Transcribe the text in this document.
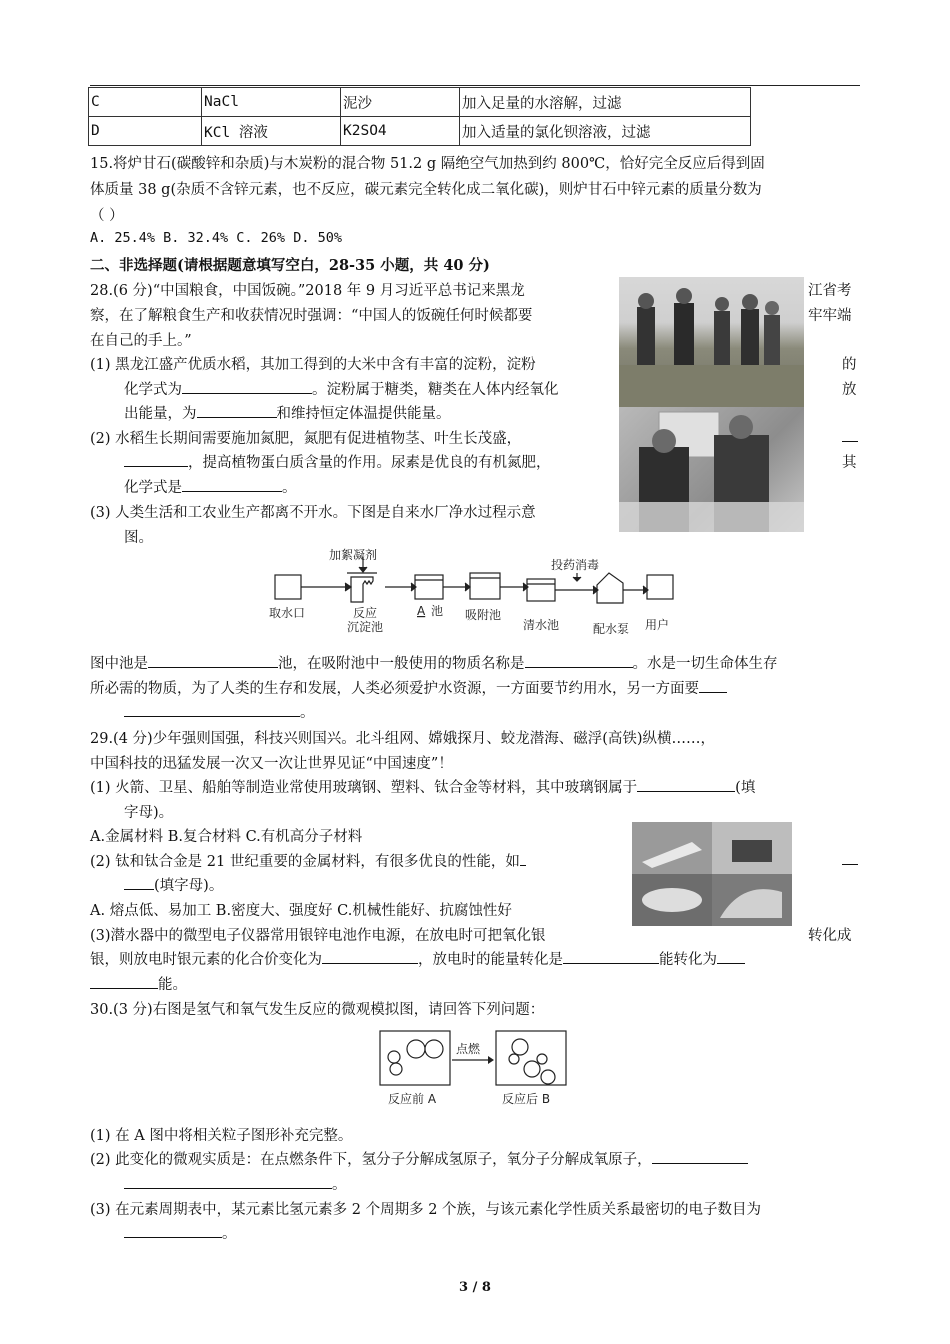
C	NaCl	泥沙	加入足量的水溶解，过滤
D	KCl 溶液	K2SO4	加入适量的氯化钡溶液，过滤
15.将炉甘石(碳酸锌和杂质)与木炭粉的混合物 51.2 g 隔绝空气加热到约 800℃，恰好完全反应后得到固
体质量 38 g(杂质不含锌元素，也不反应，碳元素完全转化成二氧化碳)，则炉甘石中锌元素的质量分数为
（ ）
A. 25.4% B. 32.4% C. 26% D. 50%
二、非选择题(请根据题意填写空白，28-35 小题，共 40 分)
28.(6 分)“中国粮食，中国饭碗。”2018 年 9 月习近平总书记来黑龙	江省考
察，在了解粮食生产和收获情况时强调：“中国人的饭碗任何时候都要	牢牢端
在自己的手上。”
(1) 黑龙江盛产优质水稻，其加工得到的大米中含有丰富的淀粉，淀粉	的
化学式为	。淀粉属于糖类，糖类在人体内经氧化	放
出能量，为	和维持恒定体温提供能量。
(2) 水稻生长期间需要施加氮肥，氮肥有促进植物茎、叶生长茂盛，
，提高植物蛋白质含量的作用。尿素是优良的有机氮肥，	其
化学式是	。
(3) 人类生活和工农业生产都离不开水。下图是自来水厂净水过程示意
图。
加絮凝剂
投药消毒
取水口	反应
沉淀池
A 池 吸附池
清水池	配水泵 用户
图中池是	池，在吸附池中一般使用的物质名称是	。水是一切生命体生存
所必需的物质，为了人类的生存和发展，人类必须爱护水资源，一方面要节约用水，另一方面要
。
29.(4 分)少年强则国强，科技兴则国兴。北斗组网、嫦娥探月、蛟龙潜海、磁浮(高铁)纵横……，
中国科技的迅猛发展一次又一次让世界见证“中国速度”！
(1) 火箭、卫星、船舶等制造业常使用玻璃钢、塑料、钛合金等材料，其中玻璃钢属于	(填
字母)。
A.金属材料 B.复合材料 C.有机高分子材料
(2) 钛和钛合金是 21 世纪重要的金属材料，有很多优良的性能，如
(填字母)。
A. 熔点低、易加工 B.密度大、强度好 C.机械性能好、抗腐蚀性好
(3)潜水器中的微型电子仪器常用银锌电池作电源，在放电时可把氧化银	转化成
银，则放电时银元素的化合价变化为	，放电时的能量转化是	能转化为
能。
30.(3 分)右图是氢气和氧气发生反应的微观模拟图，请回答下列问题：
点燃
反应前 A	反应后 B
(1) 在 A 图中将相关粒子图形补充完整。
(2) 此变化的微观实质是：在点燃条件下，氢分子分解成氢原子，氧分子分解成氧原子，
。
(3) 在元素周期表中，某元素比氢元素多 2 个周期多 2 个族，与该元素化学性质关系最密切的电子数目为
。
3 / 8
